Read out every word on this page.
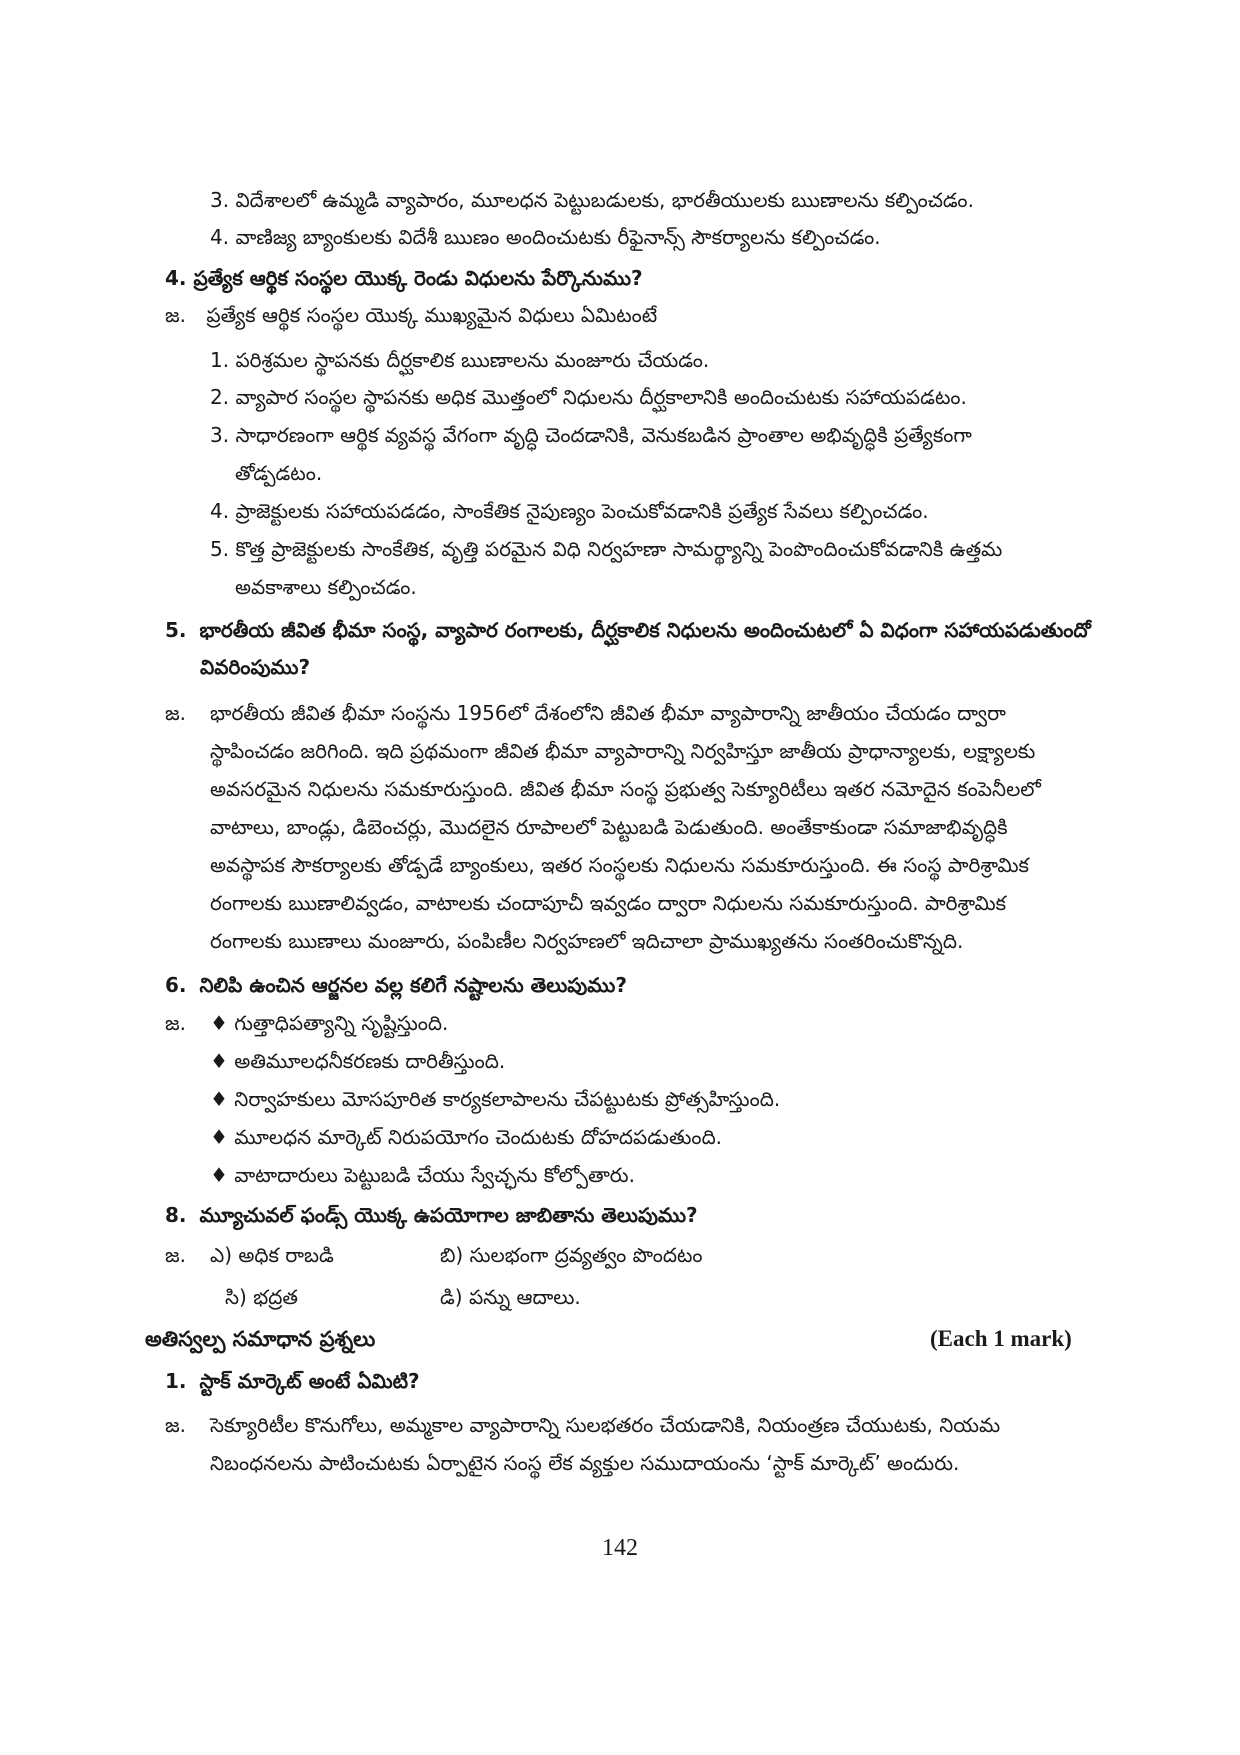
3. విదేశాలలో ఉమ్మడి వ్యాపారం, మూలధన పెట్టుబడులకు, భారతీయులకు ఋణాలను కల్పించడం.
4. వాణిజ్య బ్యాంకులకు విదేశీ ఋణం అందించుటకు రీఫైనాన్స్ సౌకర్యాలను కల్పించడం.
4. ప్రత్యేక ఆర్థిక సంస్థల యొక్క రెండు విధులను పేర్కొనుము?
జ. ప్రత్యేక ఆర్థిక సంస్థల యొక్క ముఖ్యమైన విధులు ఏమిటంటే
1. పరిశ్రమల స్థాపనకు దీర్ఘకాలిక ఋణాలను మంజూరు చేయడం.
2. వ్యాపార సంస్థల స్థాపనకు అధిక మొత్తంలో నిధులను దీర్ఘకాలానికి అందించుటకు సహాయపడటం.
3. సాధారణంగా ఆర్థిక వ్యవస్థ వేగంగా వృద్ధి చెందడానికి, వెనుకబడిన ప్రాంతాల అభివృద్ధికి ప్రత్యేకంగా
తోడ్పడటం.
4. ప్రాజెక్టులకు సహాయపడడం, సాంకేతిక నైపుణ్యం పెంచుకోవడానికి ప్రత్యేక సేవలు కల్పించడం.
5. కొత్త ప్రాజెక్టులకు సాంకేతిక, వృత్తి పరమైన విధి నిర్వహణా సామర్థ్యాన్ని పెంపొందించుకోవడానికి ఉత్తమ
అవకాశాలు కల్పించడం.
5. భారతీయ జీవిత భీమా సంస్థ, వ్యాపార రంగాలకు, దీర్ఘకాలిక నిధులను అందించుటలో ఏ విధంగా సహాయపడుతుందో
వివరింపుము?
జ. భారతీయ జీవిత భీమా సంస్థను 1956లో దేశంలోని జీవిత భీమా వ్యాపారాన్ని జాతీయం చేయడం ద్వారా
స్థాపించడం జరిగింది. ఇది ప్రథమంగా జీవిత భీమా వ్యాపారాన్ని నిర్వహిస్తూ జాతీయ ప్రాధాన్యాలకు, లక్ష్యాలకు
అవసరమైన నిధులను సమకూరుస్తుంది. జీవిత భీమా సంస్థ ప్రభుత్వ సెక్యూరిటీలు ఇతర నమోదైన కంపెనీలలో
వాటాలు, బాండ్లు, డిబెంచర్లు, మొదలైన రూపాలలో పెట్టుబడి పెడుతుంది. అంతేకాకుండా సమాజాభివృద్ధికి
అవస్థాపక సౌకర్యాలకు తోడ్పడే బ్యాంకులు, ఇతర సంస్థలకు నిధులను సమకూరుస్తుంది. ఈ సంస్థ పారిశ్రామిక
రంగాలకు ఋణాలివ్వడం, వాటాలకు చందాపూచీ ఇవ్వడం ద్వారా నిధులను సమకూరుస్తుంది. పారిశ్రామిక
రంగాలకు ఋణాలు మంజూరు, పంపిణీల నిర్వహణలో ఇదిచాలా ప్రాముఖ్యతను సంతరించుకొన్నది.
6. నిలిపి ఉంచిన ఆర్జనల వల్ల కలిగే నష్టాలను తెలుపుము?
జ. ♦ గుత్తాధిపత్యాన్ని సృష్టిస్తుంది.
♦ అతిమూలధనీకరణకు దారితీస్తుంది.
♦ నిర్వాహకులు మోసపూరిత కార్యకలాపాలను చేపట్టుటకు ప్రోత్సహిస్తుంది.
♦ మూలధన మార్కెట్ నిరుపయోగం చెందుటకు దోహదపడుతుంది.
♦ వాటాదారులు పెట్టుబడి చేయు స్వేచ్ఛను కోల్పోతారు.
8. మ్యూచువల్ ఫండ్స్ యొక్క ఉపయోగాల జాబితాను తెలుపుము?
జ. ఎ) అధిక రాబడి	బి) సులభంగా ద్రవ్యత్వం పొందటం
సి) భద్రత	డి) పన్ను ఆదాలు.
అతిస్వల్ప సమాధాన ప్రశ్నలు	(Each 1 mark)
1. స్టాక్ మార్కెట్ అంటే ఏమిటి?
జ. సెక్యూరిటీల కొనుగోలు, అమ్మకాల వ్యాపారాన్ని సులభతరం చేయడానికి, నియంత్రణ చేయుటకు, నియమ
నిబంధనలను పాటించుటకు ఏర్పాటైన సంస్థ లేక వ్యక్తుల సముదాయంను ‘స్టాక్ మార్కెట్’ అందురు.
142
